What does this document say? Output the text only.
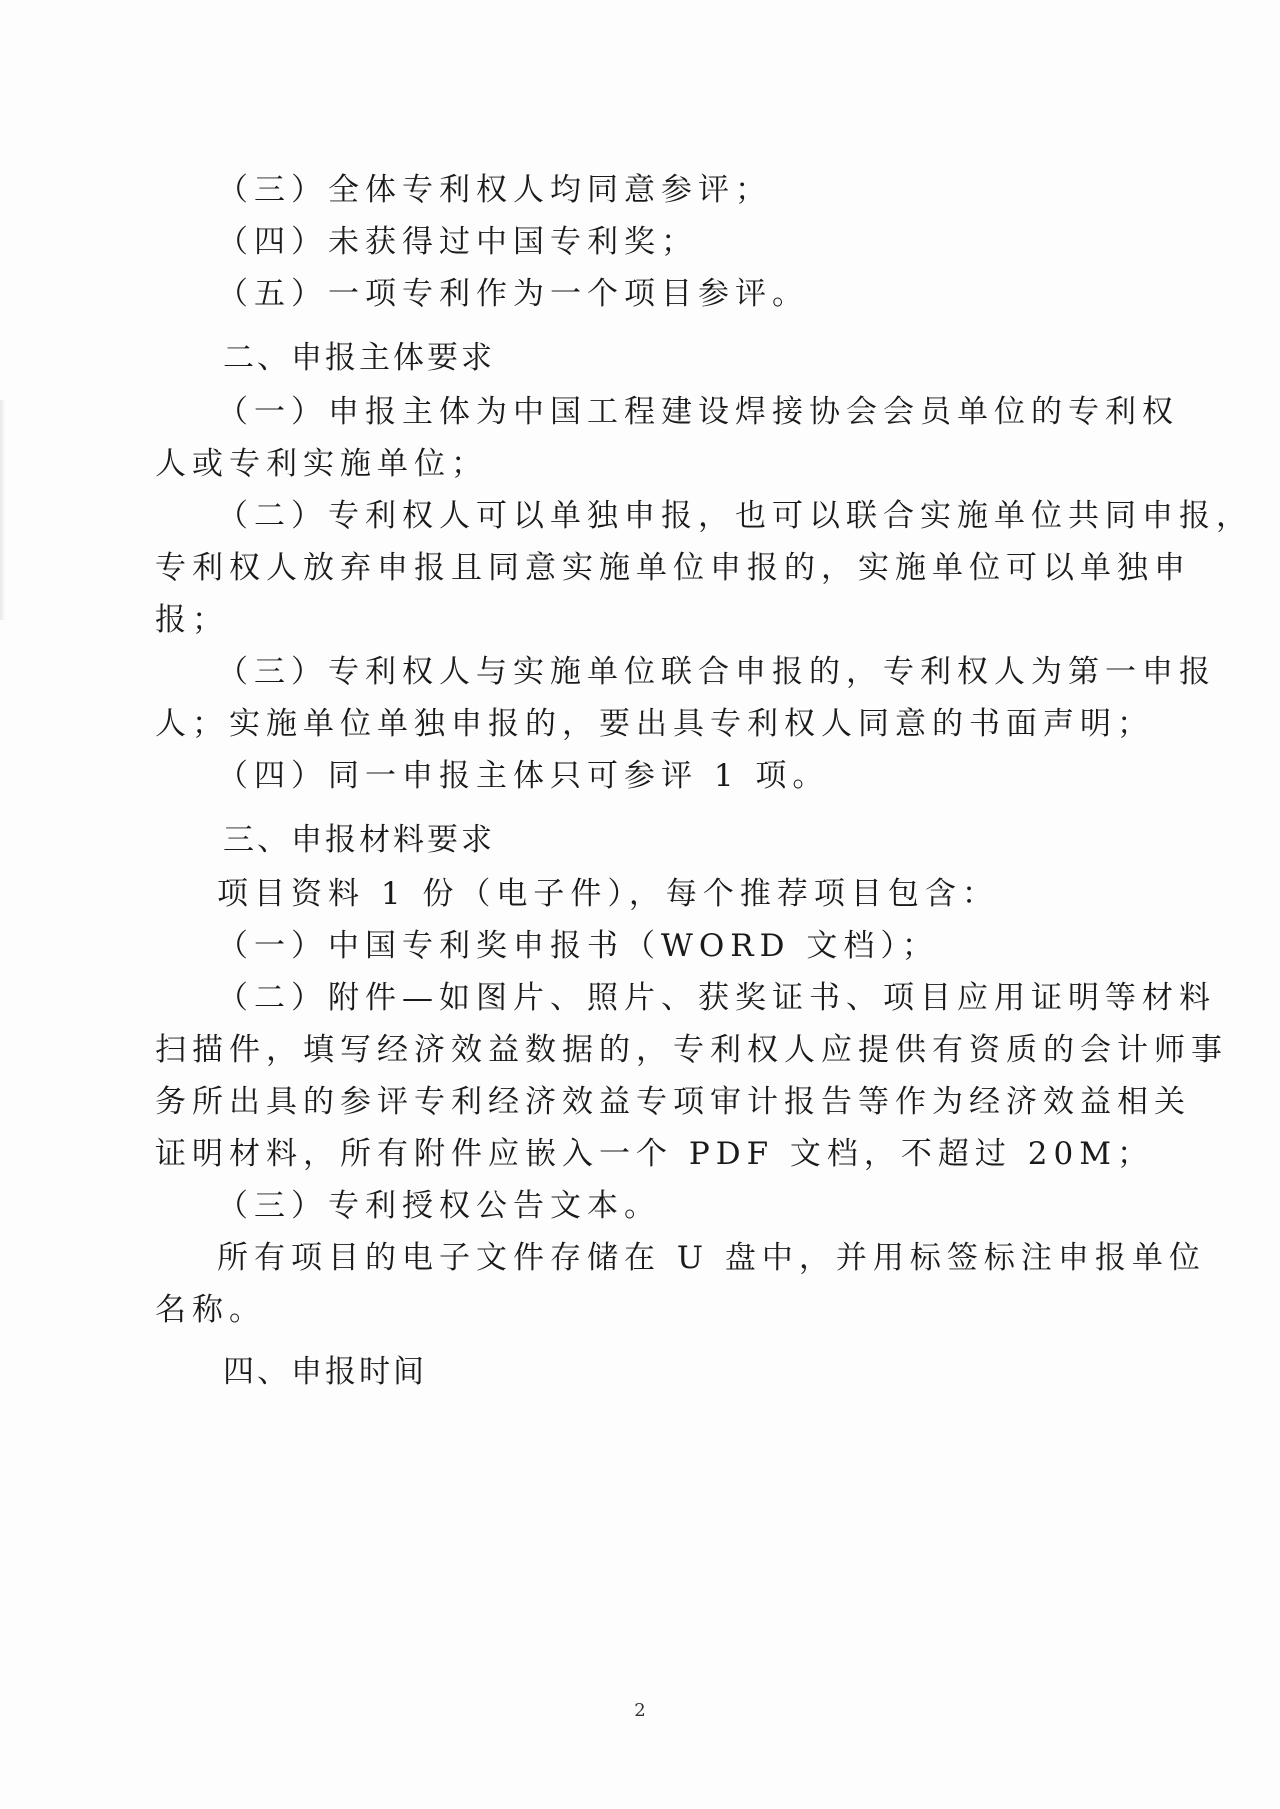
（三）全体专利权人均同意参评；
（四）未获得过中国专利奖；
（五）一项专利作为一个项目参评。
二、申报主体要求
（一）申报主体为中国工程建设焊接协会会员单位的专利权
人或专利实施单位；
（二）专利权人可以单独申报，也可以联合实施单位共同申报，
专利权人放弃申报且同意实施单位申报的，实施单位可以单独申
报；
（三）专利权人与实施单位联合申报的，专利权人为第一申报
人；实施单位单独申报的，要出具专利权人同意的书面声明；
（四）同一申报主体只可参评 1 项。
三、申报材料要求
项目资料 1 份（电子件），每个推荐项目包含：
（一）中国专利奖申报书（WORD 文档）；
（二）附件—如图片、照片、获奖证书、项目应用证明等材料
扫描件，填写经济效益数据的，专利权人应提供有资质的会计师事
务所出具的参评专利经济效益专项审计报告等作为经济效益相关
证明材料，所有附件应嵌入一个 PDF 文档，不超过 20M；
（三）专利授权公告文本。
所有项目的电子文件存储在 U 盘中，并用标签标注申报单位
名称。
四、申报时间
2
